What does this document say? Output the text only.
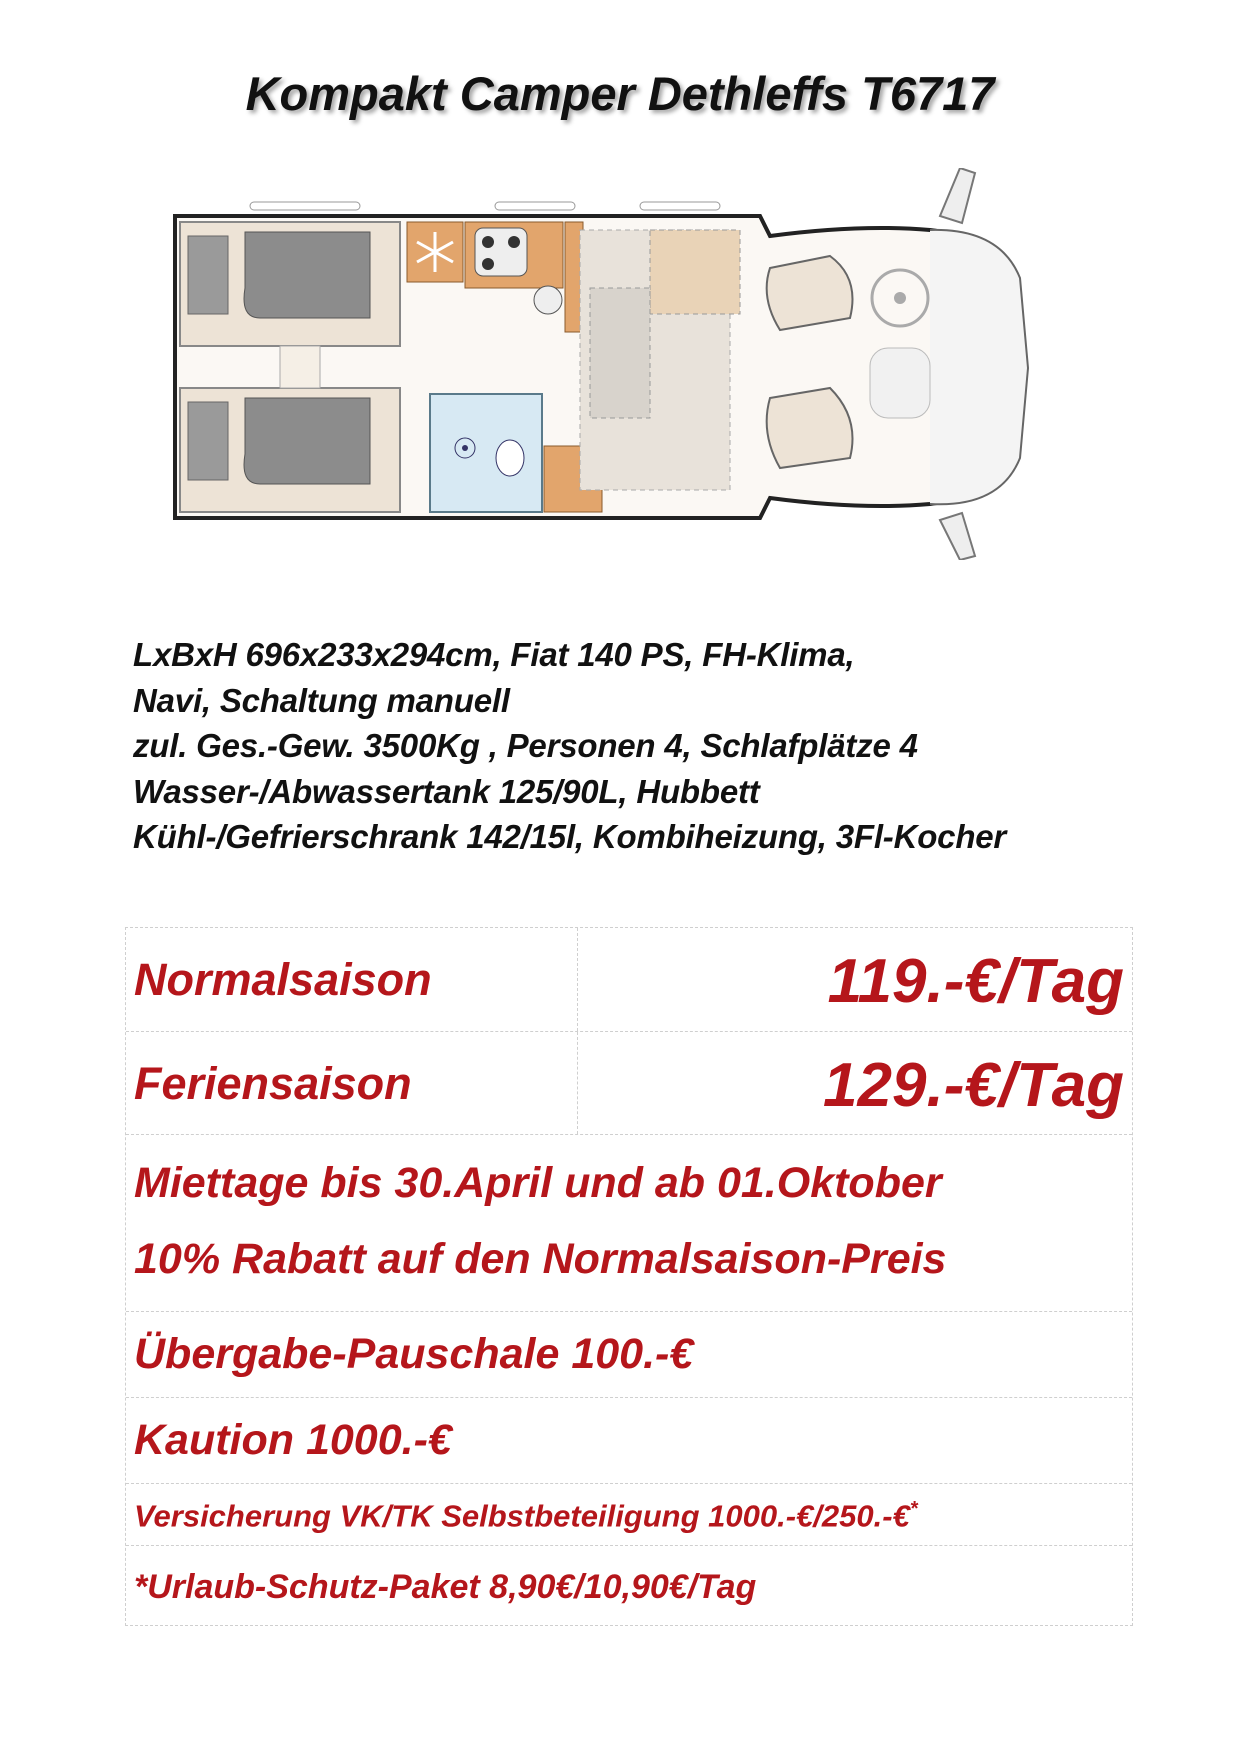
Kompakt Camper Dethleffs T6717
LxBxH 696x233x294cm, Fiat 140 PS, FH-Klima,
Navi, Schaltung manuell
zul. Ges.-Gew. 3500Kg , Personen 4, Schlafplätze 4
Wasser-/Abwassertank 125/90L, Hubbett
Kühl-/Gefrierschrank 142/15l, Kombiheizung, 3Fl-Kocher
Normalsaison	119.-€/Tag
Feriensaison	129.-€/Tag
Miettage bis 30.April und ab 01.Oktober
10% Rabatt auf den Normalsaison-Preis
Übergabe-Pauschale 100.-€
Kaution 1000.-€
Versicherung VK/TK Selbstbeteiligung 1000.-€/250.-€*
*Urlaub-Schutz-Paket 8,90€/10,90€/Tag
